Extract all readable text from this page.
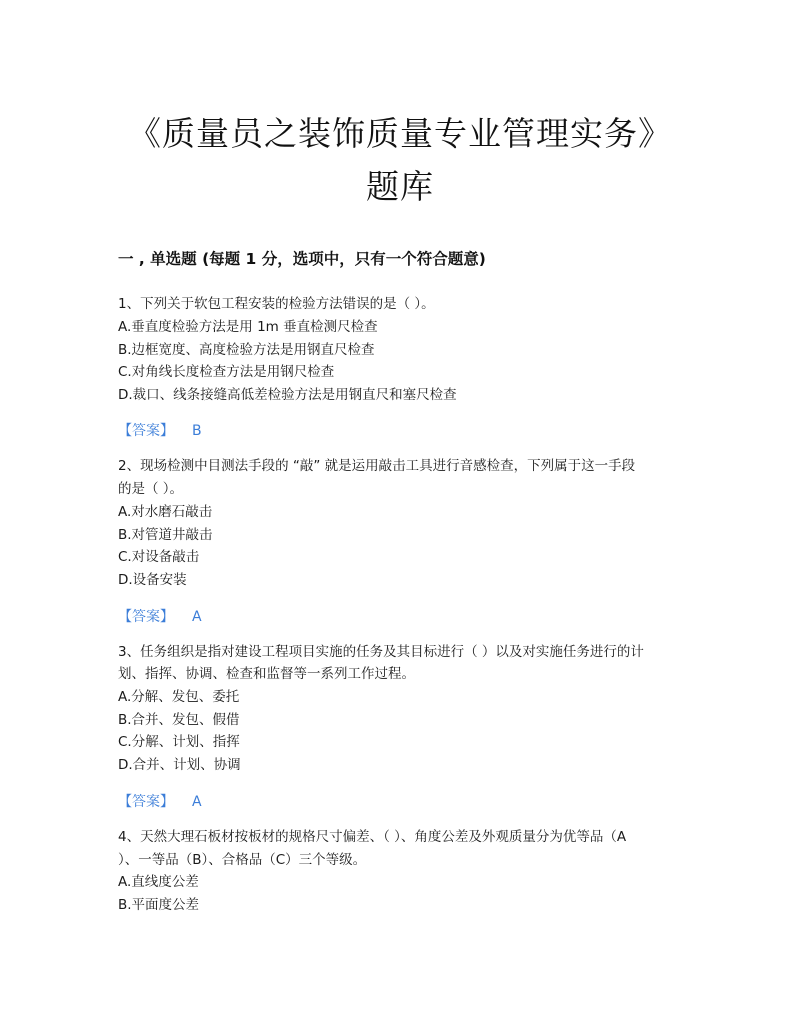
《质量员之装饰质量专业管理实务》
题库
一 , 单选题 (每题 1 分，选项中，只有一个符合题意)
1、下列关于软包工程安装的检验方法错误的是（ ）。
A.垂直度检验方法是用 1m 垂直检测尺检查
B.边框宽度、高度检验方法是用钢直尺检查
C.对角线长度检查方法是用钢尺检查
D.裁口、线条接缝高低差检验方法是用钢直尺和塞尺检查
【答案】 B
2、现场检测中目测法手段的 “敲” 就是运用敲击工具进行音感检查，下列属于这一手段
的是（ ）。
A.对水磨石敲击
B.对管道井敲击
C.对设备敲击
D.设备安装
【答案】 A
3、任务组织是指对建设工程项目实施的任务及其目标进行（ ）以及对实施任务进行的计
划、指挥、协调、检查和监督等一系列工作过程。
A.分解、发包、委托
B.合并、发包、假借
C.分解、计划、指挥
D.合并、计划、协调
【答案】 A
4、天然大理石板材按板材的规格尺寸偏差、（ ）、角度公差及外观质量分为优等品（A
）、一等品（B）、合格品（C）三个等级。
A.直线度公差
B.平面度公差
